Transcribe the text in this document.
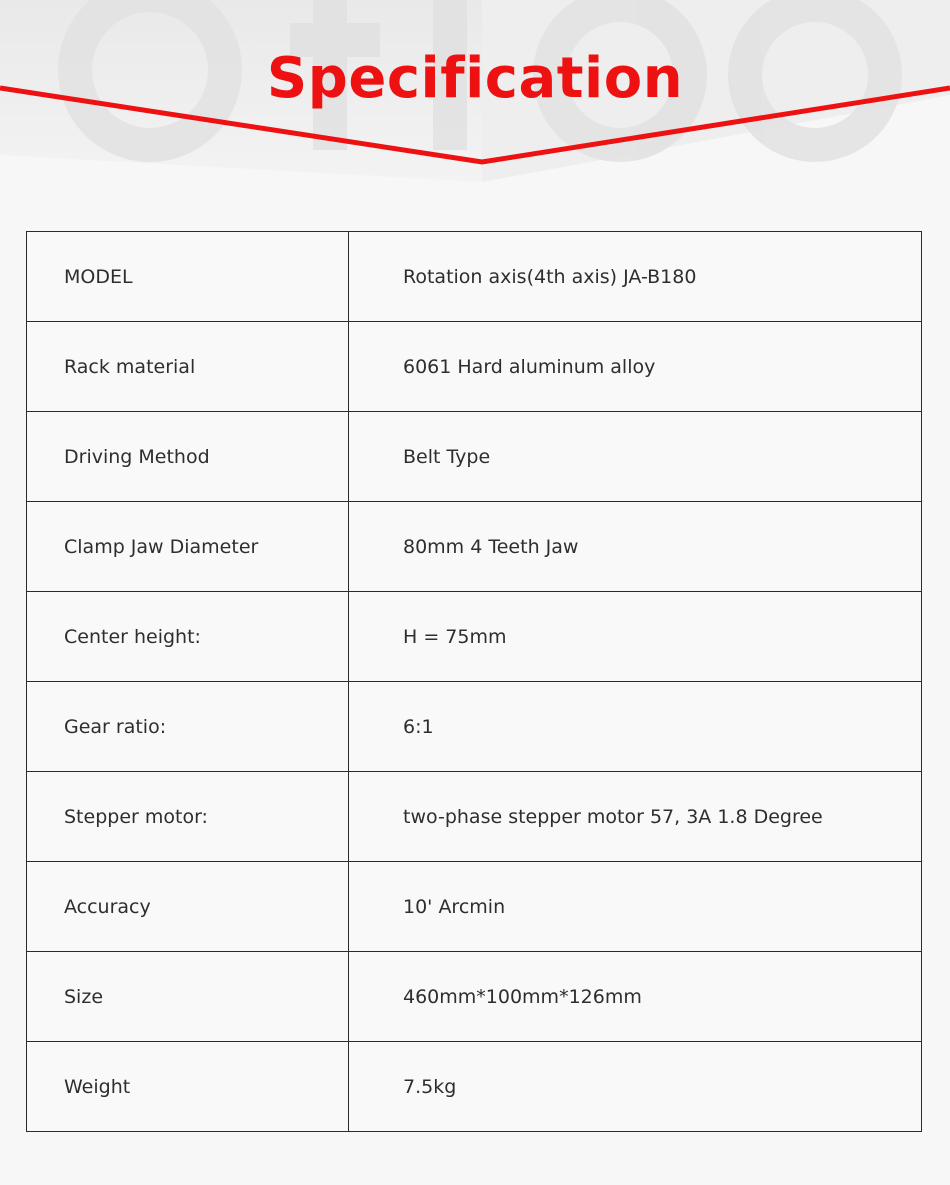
Specification
MODEL	Rotation axis(4th axis) JA-B180
Rack material	6061 Hard aluminum alloy
Driving Method	Belt Type
Clamp Jaw Diameter	80mm 4 Teeth Jaw
Center height:	H = 75mm
Gear ratio:	6:1
Stepper motor:	two-phase stepper motor 57, 3A 1.8 Degree
Accuracy	10' Arcmin
Size	460mm*100mm*126mm
Weight	7.5kg
